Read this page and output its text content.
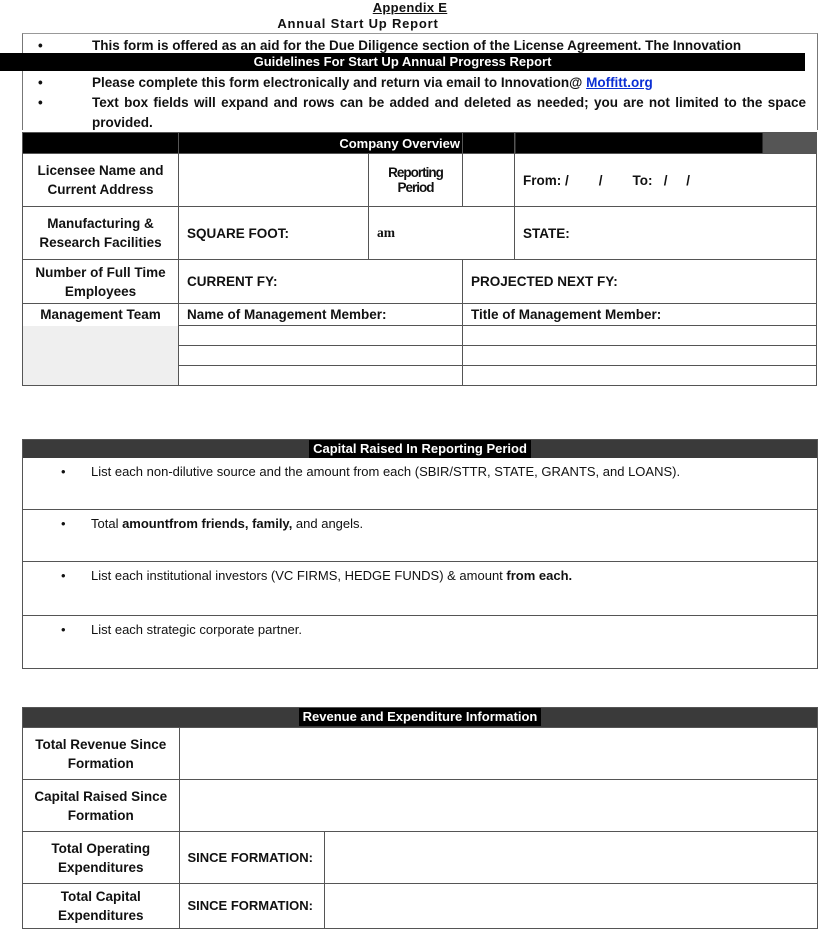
Appendix E
Annual Start Up Report
•	This form is offered as an aid for the Due Diligence section of the License Agreement. The Innovation
Guidelines For Start Up Annual Progress Report
•	Please complete this form electronically and return via email to Innovation@ Moffitt.org
•	Text box fields will expand and rows can be added and deleted as needed; you are not limited to the space provided.
	Company Overview			
Licensee Name and Current Address		Reporting Period		From: /        /        To:   /     /
Manufacturing & Research Facilities	SQUARE FOOT:	am		STATE:
Number of Full Time Employees	CURRENT FY:		PROJECTED NEXT FY:	
Management Team	Name of Management Member:		Title of Management Member:	

Capital Raised In Reporting Period
• List each non-dilutive source and the amount from each (SBIR/STTR, STATE, GRANTS, and LOANS).
• Total amountfrom friends, family, and angels.
• List each institutional investors (VC FIRMS, HEDGE FUNDS) & amount from each.
• List each strategic corporate partner.
Revenue and Expenditure Information
Total Revenue Since Formation		
Capital Raised Since Formation		
Total Operating Expenditures	SINCE FORMATION:	
Total Capital Expenditures	SINCE FORMATION:	
